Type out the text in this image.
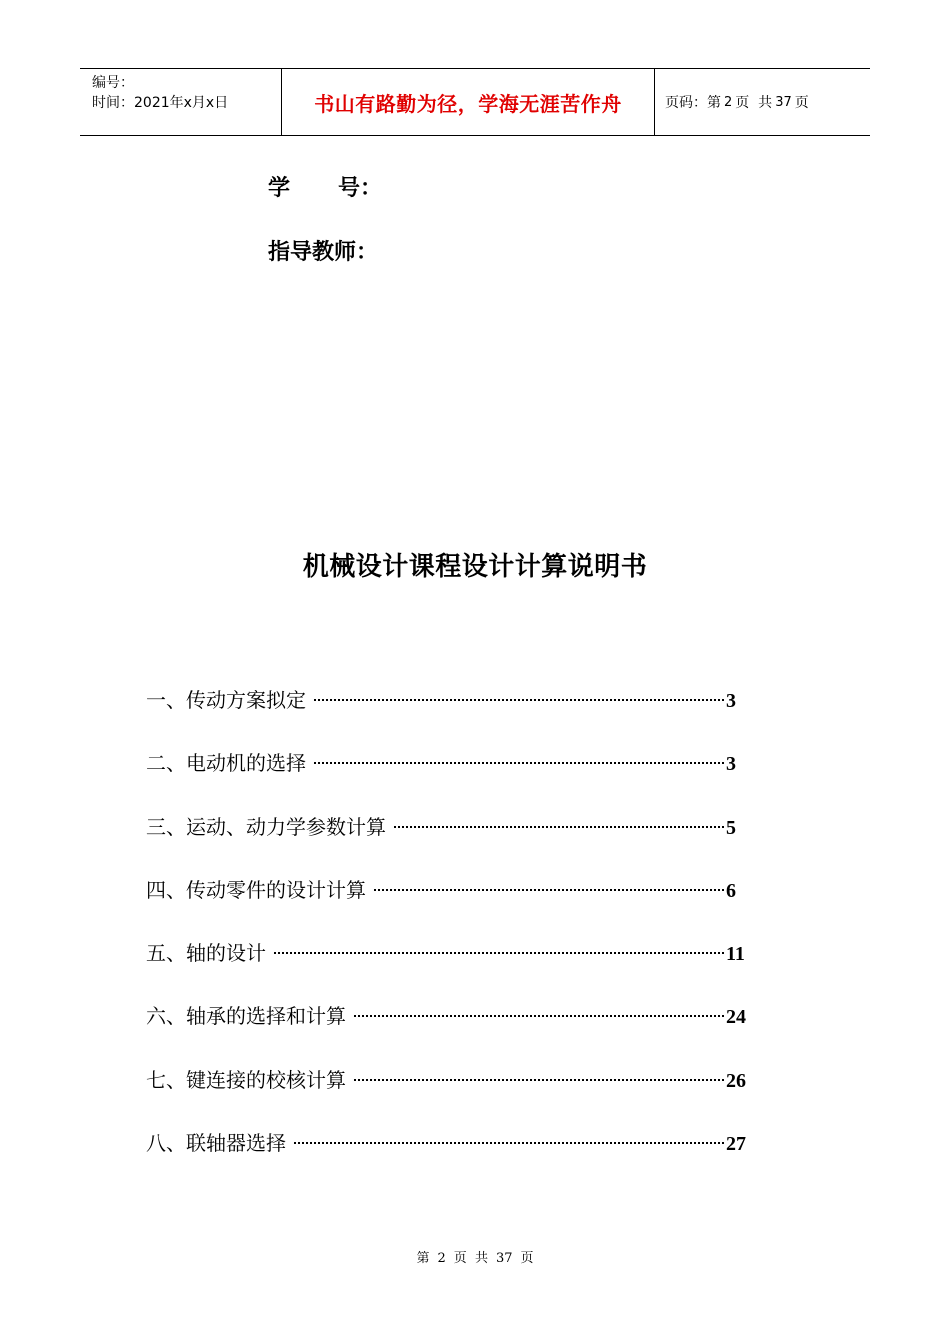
编号：
时间：2021年x月x日	书山有路勤为径，学海无涯苦作舟	页码：第 2 页  共 37 页
学 号：
指导教师：
机械设计课程设计计算说明书
一、传动方案拟定	3
二、电动机的选择	3
三、运动、动力学参数计算	5
四、传动零件的设计计算	6
五、轴的设计	11
六、轴承的选择和计算	24
七、键连接的校核计算	26
八、联轴器选择	27
第 2 页  共 37 页
